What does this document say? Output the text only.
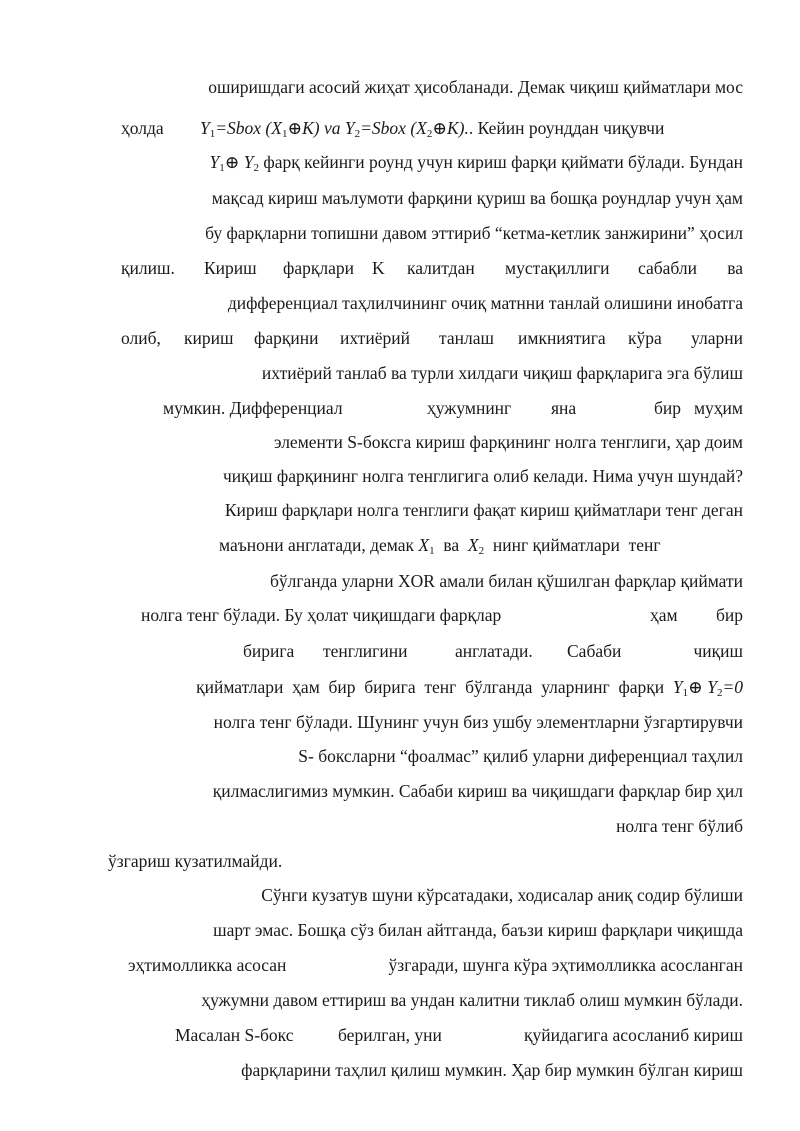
оширишдаги асосий жиҳат ҳисобланади. Демак чиқиш қийматлари мос
ҳолда $Y_1=Sbox$ $(X_1\oplus K)$ va $Y_2=Sbox$ $(X_2\oplus K)$.. Кейин роунддан чиқувчи
$Y_1\oplus$ $Y_2$ фарқ кейинги роунд учун кириш фарқи қиймати бўлади. Бундан
мақсад кириш маълумоти фарқини қуриш ва бошқа роундлар учун ҳам
бу фарқларни топишни давом эттириб “кетма-кетлик занжирини” ҳосил
қилиш. Кириш фарқлари K калитдан мустақиллиги сабабли ва
дифференциал таҳлилчининг очиқ матнни танлай олишини инобатга
олиб, кириш фарқини ихтиёрий танлаш имкниятига кўра уларни
ихтиёрий танлаб ва турли хилдаги чиқиш фарқларига эга бўлиш
мумкин. Дифференциал	ҳужумнинг яна	бир муҳим
элементи S-боксга кириш фарқининг нолга тенглиги, ҳар доим
чиқиш фарқининг нолга тенглигига олиб келади. Нима учун шундай?
Кириш фарқлари нолга тенглиги фақат кириш қийматлари тенг деган
маънони англатади, демак $X_1$  ва  $X_2$  нинг қийматлари  тенг
бўлганда уларни XOR амали билан қўшилган фарқлар қиймати
нолга тенг бўлади. Бу ҳолат чиқишдаги фарқлар	ҳам бир
бирига тенглигини	англатади. Сабаби	чиқиш
қийматлари  ҳам  бир  бирига  тенг  бўлганда  уларнинг  фарқи  $Y_1\oplus$ $Y_2=0$
нолга тенг бўлади. Шунинг учун биз ушбу элементларни ўзгартирувчи
S- боксларни “фоалмас” қилиб уларни диференциал таҳлил
қилмаслигимиз мумкин. Сабаби кириш ва чиқишдаги фарқлар бир ҳил
нолга тенг бўлиб
ўзгариш кузатилмайди.
Сўнги кузатув шуни кўрсатадаки, ходисалар аниқ содир бўлиши
шарт эмас. Бошқа сўз билан айтганда, баъзи кириш фарқлари чиқишда
эҳтимолликка асосан	ўзгаради, шунга кўра эҳтимолликка асосланган
ҳужумни давом еттириш ва ундан калитни тиклаб олиш мумкин бўлади.
Масалан S-бокс	берилган, уни	қуйидагига асосланиб кириш
фарқларини таҳлил қилиш мумкин. Ҳар бир мумкин бўлган кириш
